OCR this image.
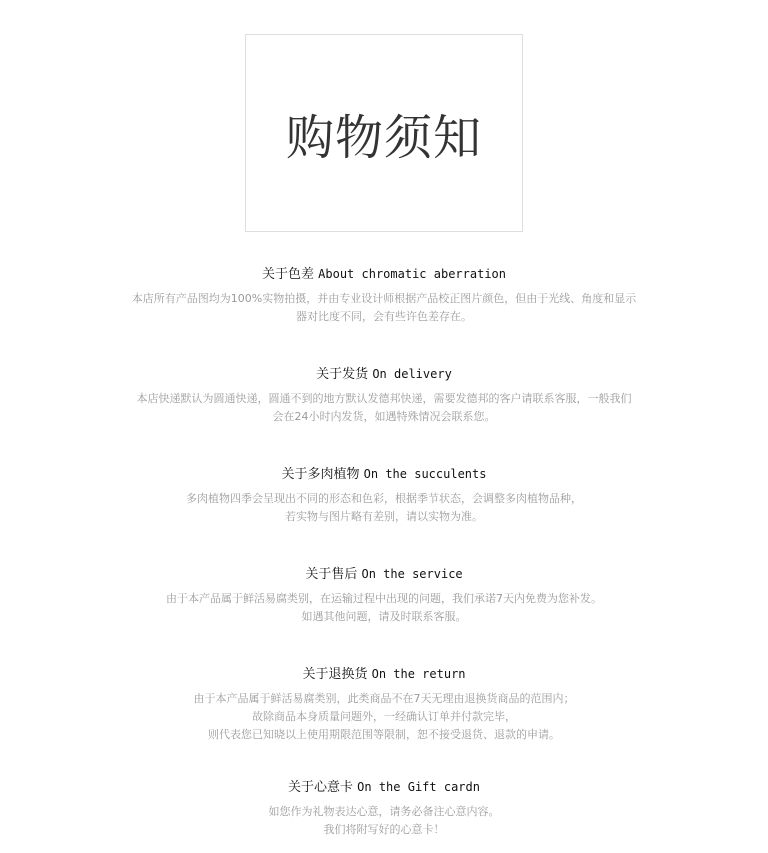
购物须知
关于色差 About chromatic aberration
本店所有产品图均为100%实物拍摄，并由专业设计师根据产品校正图片颜色，但由于光线、角度和显示
器对比度不同，会有些许色差存在。
关于发货 On delivery
本店快递默认为圆通快递，圆通不到的地方默认发德邦快递，需要发德邦的客户请联系客服，一般我们
会在24小时内发货，如遇特殊情况会联系您。
关于多肉植物 On the succulents
多肉植物四季会呈现出不同的形态和色彩，根据季节状态，会调整多肉植物品种，
若实物与图片略有差别，请以实物为准。
关于售后 On the service
由于本产品属于鲜活易腐类别，在运输过程中出现的问题，我们承诺7天内免费为您补发。
如遇其他问题，请及时联系客服。
关于退换货 On the return
由于本产品属于鲜活易腐类别，此类商品不在7天无理由退换货商品的范围内；
故除商品本身质量问题外，一经确认订单并付款完毕，
则代表您已知晓以上使用期限范围等限制，恕不接受退货、退款的申请。
关于心意卡 On the Gift cardn
如您作为礼物表达心意，请务必备注心意内容。
我们将附写好的心意卡！
